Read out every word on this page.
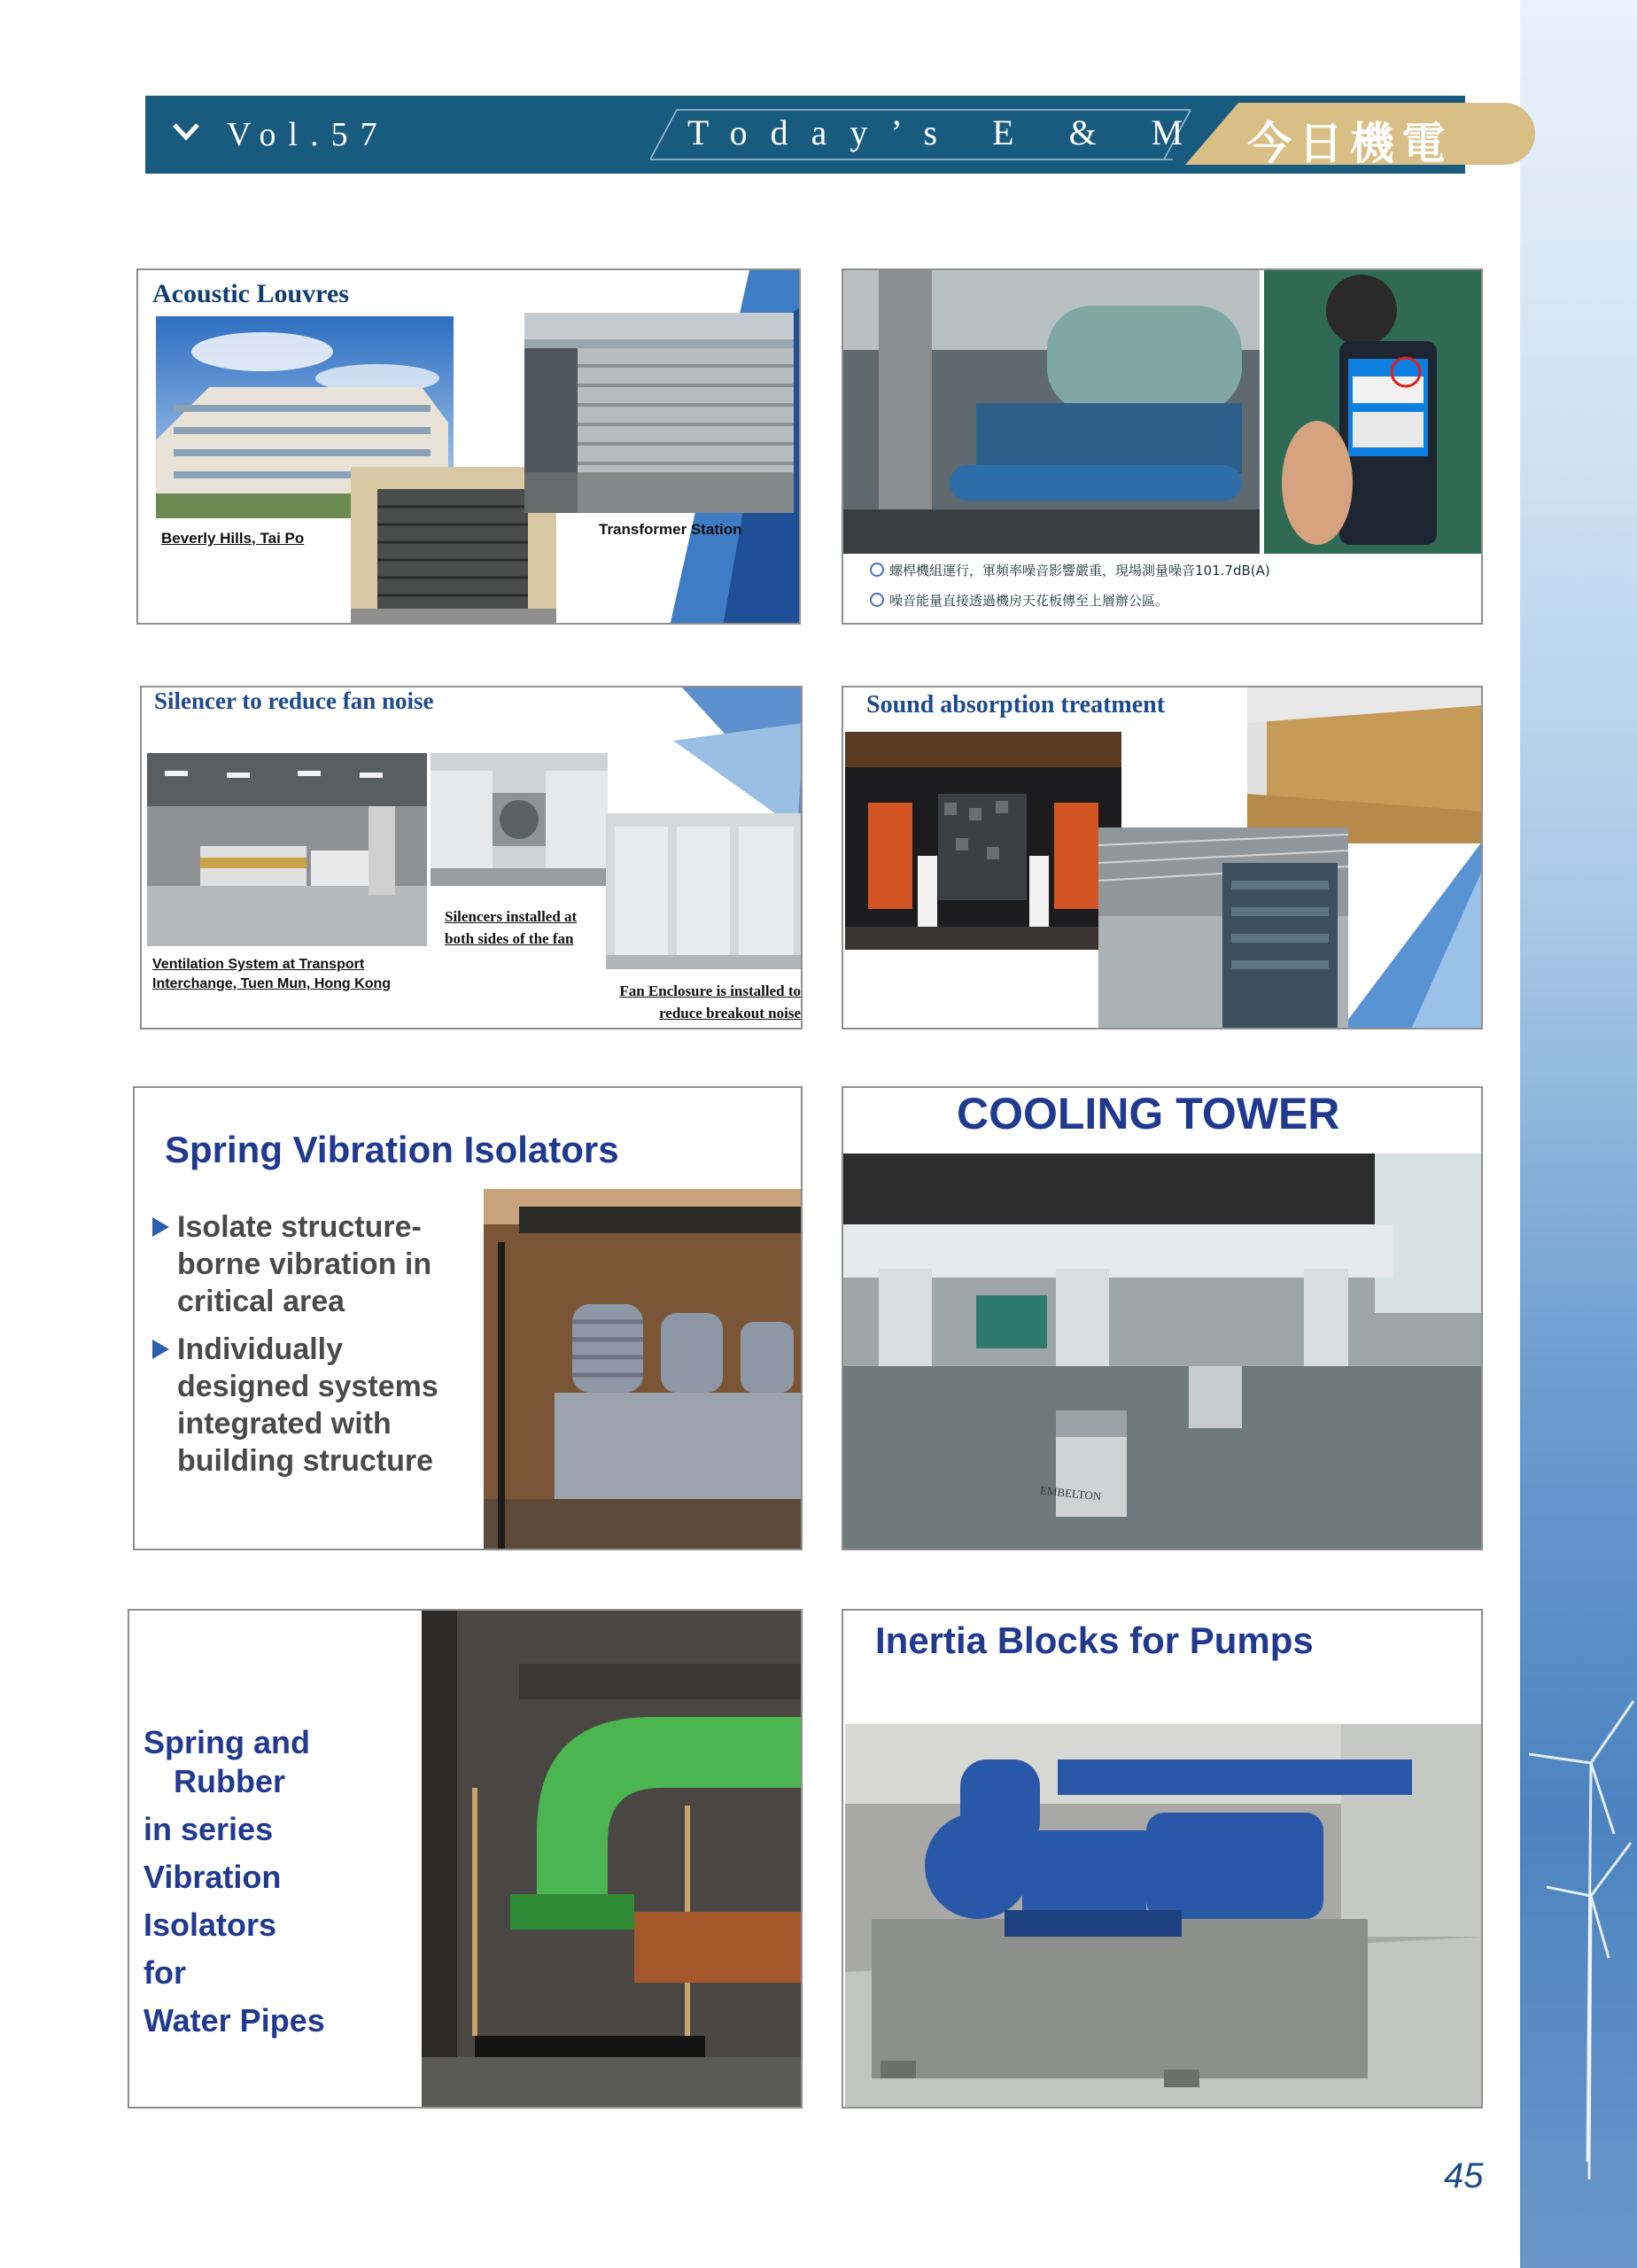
Vol.57	Today’s E & M 今日機電
Acoustic Louvres
Beverly Hills, Tai Po
Transformer Station
螺桿機組運行，軍頻率噪音影響嚴重，現場測量噪音101.7dB(A)
噪音能量直接透過機房天花板傳至上層辦公區。
Silencer to reduce fan noise
Ventilation System at Transport Interchange, Tuen Mun, Hong Kong
Silencers installed at both sides of the fan
Fan Enclosure is installed to reduce breakout noise
Sound absorption treatment
Spring Vibration Isolators
Isolate structure-borne vibration in critical area
Individually designed systems integrated with building structure
COOLING TOWER
EMBELTON
Spring and
Rubber
in series
Vibration
Isolators
for
Water Pipes
Inertia Blocks for Pumps
45
